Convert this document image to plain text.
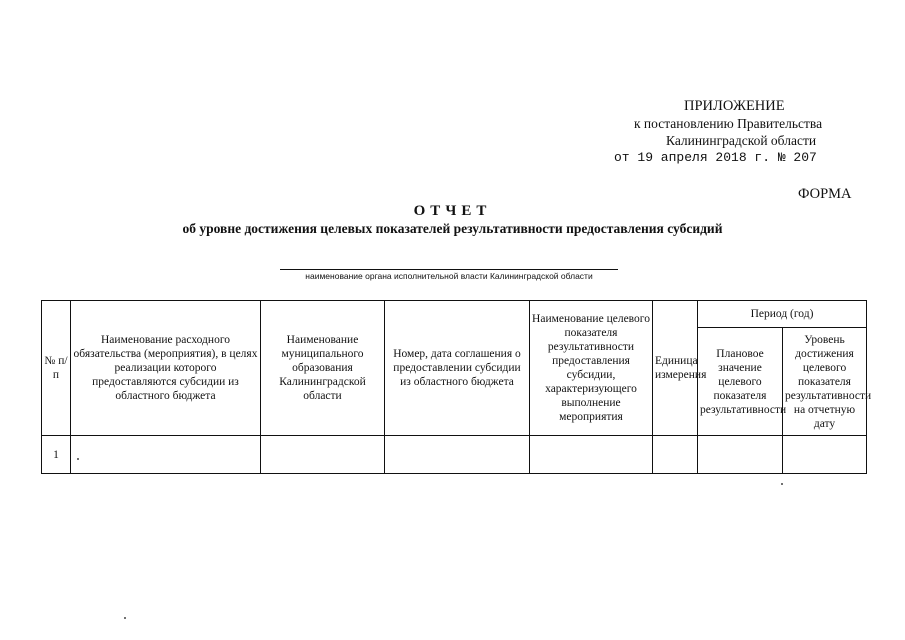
ПРИЛОЖЕНИЕ
к постановлению Правительства
Калининградской области
от 19 апреля 2018 г. № 207
ФОРМА
ОТЧЕТ
об уровне достижения целевых показателей результативности предоставления субсидий
наименование органа исполнительной власти Калининградской области
№ п/п	Наименование расходного обязательства (мероприятия), в целях реализации которого предоставляются субсидии из областного бюджета	Наименование муниципального образования Калининградской области	Номер, дата соглашения о предоставлении субсидии из областного бюджета	Наименование целевого показателя результативности предоставления субсидии, характеризующего выполнение мероприятия	Единица измерения	Период (год)	
						Плановое значение целевого показателя результативности	Уровень достижения целевого показателя результативности на отчетную дату
1							
